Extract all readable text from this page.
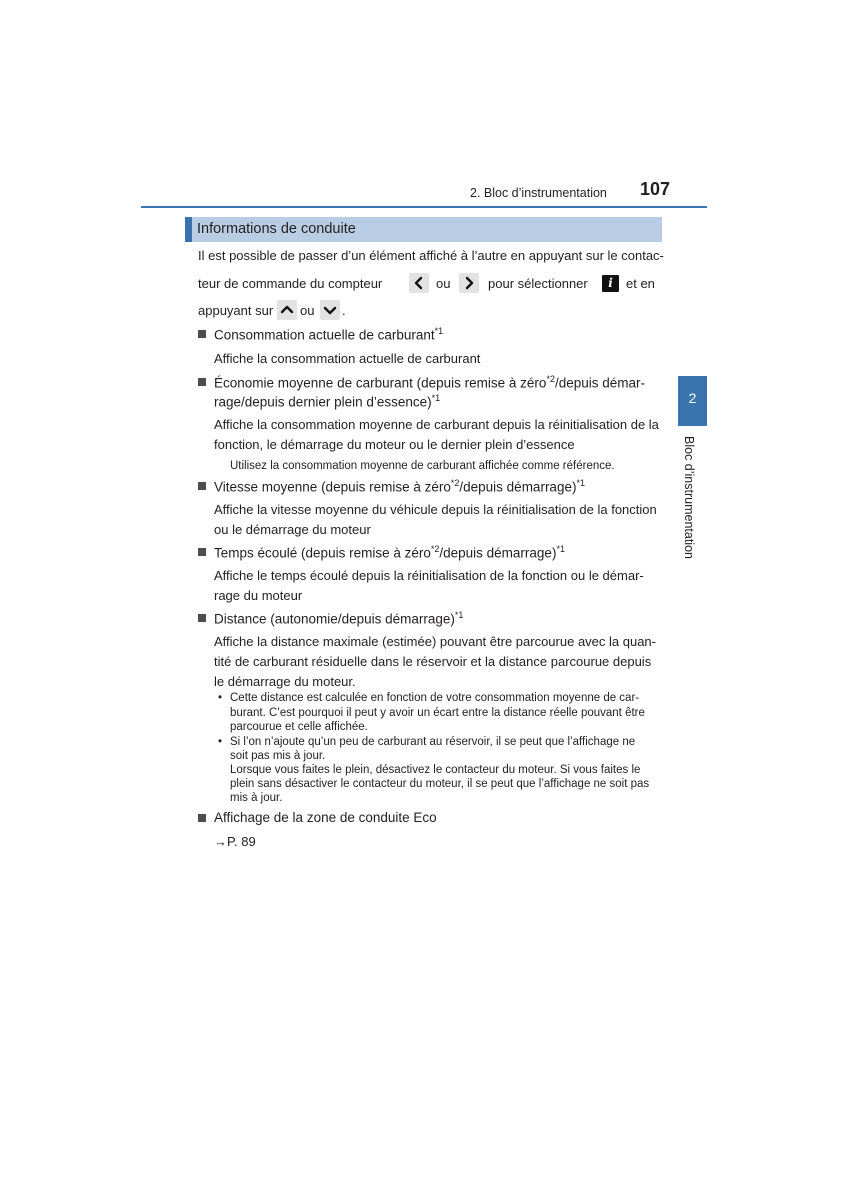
2. Bloc d’instrumentation 107
2
Bloc d’instrumentation
Informations de conduite
Il est possible de passer d’un élément affiché à l’autre en appuyant sur le contac-
teur de commande du compteur	ou	pour sélectionner	i	et en
appuyant sur ou .
Consommation actuelle de carburant$^{*1}$
Affiche la consommation actuelle de carburant
Économie moyenne de carburant (depuis remise à zéro$^{*2}$/depuis démar-
rage/depuis dernier plein d’essence)$^{*1}$
Affiche la consommation moyenne de carburant depuis la réinitialisation de la
fonction, le démarrage du moteur ou le dernier plein d’essence
Utilisez la consommation moyenne de carburant affichée comme référence.
Vitesse moyenne (depuis remise à zéro$^{*2}$/depuis démarrage)$^{*1}$
Affiche la vitesse moyenne du véhicule depuis la réinitialisation de la fonction
ou le démarrage du moteur
Temps écoulé (depuis remise à zéro$^{*2}$/depuis démarrage)$^{*1}$
Affiche le temps écoulé depuis la réinitialisation de la fonction ou le démar-
rage du moteur
Distance (autonomie/depuis démarrage)$^{*1}$
Affiche la distance maximale (estimée) pouvant être parcourue avec la quan-
tité de carburant résiduelle dans le réservoir et la distance parcourue depuis
le démarrage du moteur.
• Cette distance est calculée en fonction de votre consommation moyenne de car-
burant. C’est pourquoi il peut y avoir un écart entre la distance réelle pouvant être
parcourue et celle affichée.
• Si l’on n’ajoute qu’un peu de carburant au réservoir, il se peut que l’affichage ne
soit pas mis à jour.
Lorsque vous faites le plein, désactivez le contacteur du moteur. Si vous faites le
plein sans désactiver le contacteur du moteur, il se peut que l’affichage ne soit pas
mis à jour.
Affichage de la zone de conduite Eco
→P. 89
